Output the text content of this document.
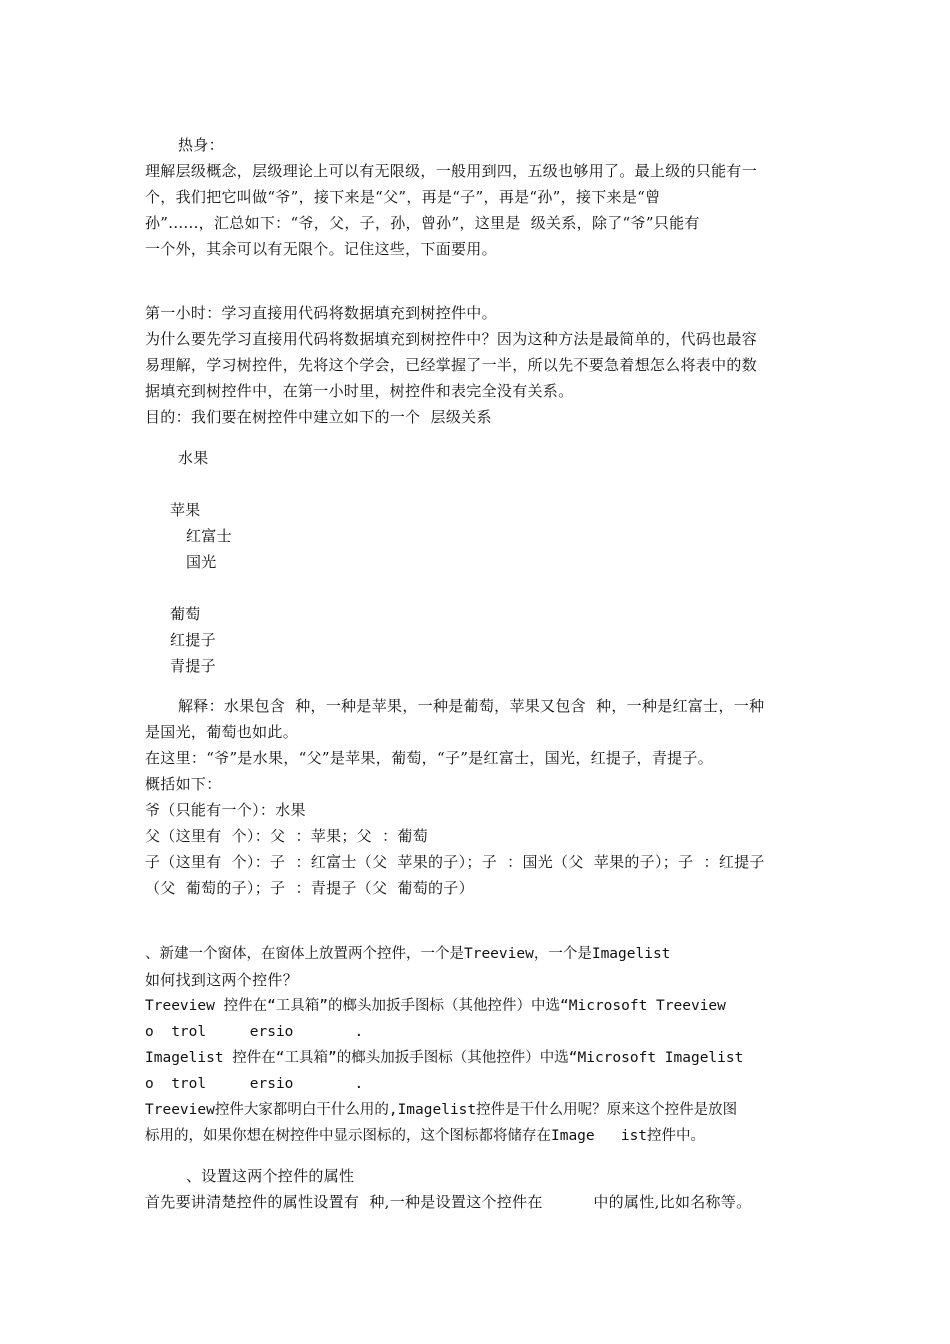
热身：
理解层级概念，层级理论上可以有无限级，一般用到四，五级也够用了。最上级的只能有一
个，我们把它叫做“爷”，接下来是“父”，再是“子”，再是“孙”，接下来是“曾
孙”......，汇总如下：“爷，父，子，孙，曾孙”，这里是  级关系，除了“爷”只能有
一个外，其余可以有无限个。记住这些，下面要用。
第一小时：学习直接用代码将数据填充到树控件中。
为什么要先学习直接用代码将数据填充到树控件中？因为这种方法是最简单的，代码也最容
易理解，学习树控件，先将这个学会，已经掌握了一半，所以先不要急着想怎么将表中的数
据填充到树控件中，在第一小时里，树控件和表完全没有关系。
目的：我们要在树控件中建立如下的一个  层级关系
水果
苹果
红富士
国光
葡萄
红提子
青提子
解释：水果包含  种，一种是苹果，一种是葡萄，苹果又包含  种，一种是红富士，一种
是国光，葡萄也如此。
在这里：“爷”是水果，“父”是苹果，葡萄，“子”是红富士，国光，红提子，青提子。
概括如下：
爷（只能有一个）：水果
父（这里有  个）：父  ：苹果；父  ：葡萄
子（这里有  个）：子  ：红富士（父  苹果的子）；子  ：国光（父  苹果的子）；子  ：红提子
（父  葡萄的子）；子  ：青提子（父  葡萄的子）
、新建一个窗体，在窗体上放置两个控件，一个是Treeview，一个是Imagelist
如何找到这两个控件？
Treeview 控件在“工具箱”的榔头加扳手图标（其他控件）中选“Microsoft Treeview
o  trol     ersio       .
Imagelist 控件在“工具箱”的榔头加扳手图标（其他控件）中选“Microsoft Imagelist
o  trol     ersio       .
Treeview控件大家都明白干什么用的,Imagelist控件是干什么用呢？原来这个控件是放图
标用的，如果你想在树控件中显示图标的，这个图标都将储存在Image   ist控件中。
、设置这两个控件的属性
首先要讲清楚控件的属性设置有  种,一种是设置这个控件在          中的属性,比如名称等。
